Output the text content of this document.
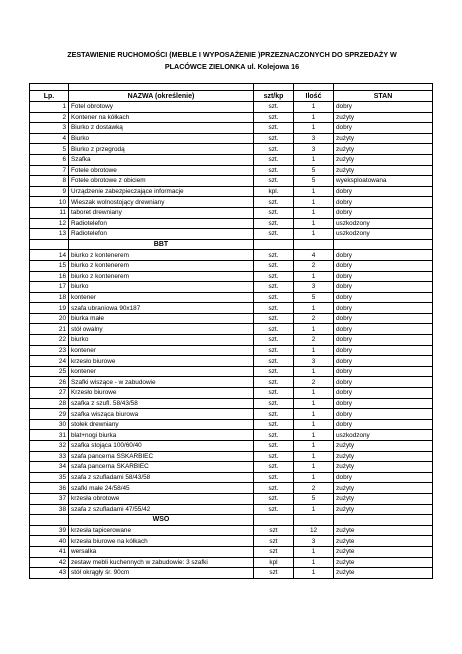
ZESTAWIENIE RUCHOMOŚCI (MEBLE I WYPOSAŻENIE )PRZEZNACZONYCH DO SPRZEDAŻY W
PLACÓWCE ZIELONKA ul. Kolejowa 16

Lp.	NAZWA (określenie)	szt/kp	Ilość	STAN
1	Fotel obrotowy	szt.	1	dobry
2	Kontener na kółkach	szt.	1	zużyty
3	Biurko z dostawką	szt.	1	dobry
4	Biurko	szt.	3	zużyty
5	Biurko z przegrodą	szt.	3	zużyty
6	Szafka	szt.	1	zużyty
7	Fotele obrotowe	szt.	5	zużyty
8	Fotele obrotowe z obiciem	szt.	5	wyeksploatowana
9	Urządzenie zabezpieczające informacje	kpl.	1	dobry
10	Wieszak wolnostojący drewniany	szt.	1	dobry
11	taboret drewniany	szt.	1	dobry
12	Radiotelefon	szt.	1	uszkodzony
13	Radiotelefon	szt.	1	uszkodzony
	BBT			
14	biurko z kontenerem	szt.	4	dobry
15	biurko z kontenerem	szt.	2	dobry
16	biurko z kontenerem	szt.	1	dobry
17	biurko	szt.	3	dobry
18	kontener	szt.	5	dobry
19	szafa ubraniowa 90x187	szt.	1	dobry
20	biurka małe	szt.	2	dobry
21	stół owalny	szt.	1	dobry
22	biurko	szt.	2	dobry
23	kontener	szt.	1	dobry
24	krzesło biurowe	szt.	3	dobry
25	kontener	szt.	1	dobry
26	Szafki wiszące - w zabudowie	szt.	2	dobry
27	Krzesło biurowe	szt.	1	dobry
28	szafka z szufl. 58/43/58	szt.	1	dobry
29	szafka wisząca biurowa	szt.	1	dobry
30	stołek drewniany	szt.	1	dobry
31	blat+nogi biurka	szt.	1	uszkodzony
32	szafka stojąca 100/60/40	szt.	1	zużyty
33	szafa pancerna SSKARBIEC	szt.	1	zużyty
34	szafa pancerna SKARBIEC	szt.	1	zużyty
35	szafa z szufladami 58/43/58	szt.	1	dobry
36	szafki małe 24/58/45	szt.	2	zużyty
37	krzesła obrotowe	szt.	5	zużyty
38	szafa z szufladami 47/55/42	szt.	1	zużyty
	WSO			
39	krzesła tapicerowane	szt	12	zużyte
40	krzesła biurowe na kółkach	szt	3	zużyte
41	wersalka	szt	1	zużyte
42	zestaw mebli kuchennych w zabudowie: 3 szafki	kpl	1	zużyte
43	stół okrągły śr. 90cm	szt	1	zużyte
